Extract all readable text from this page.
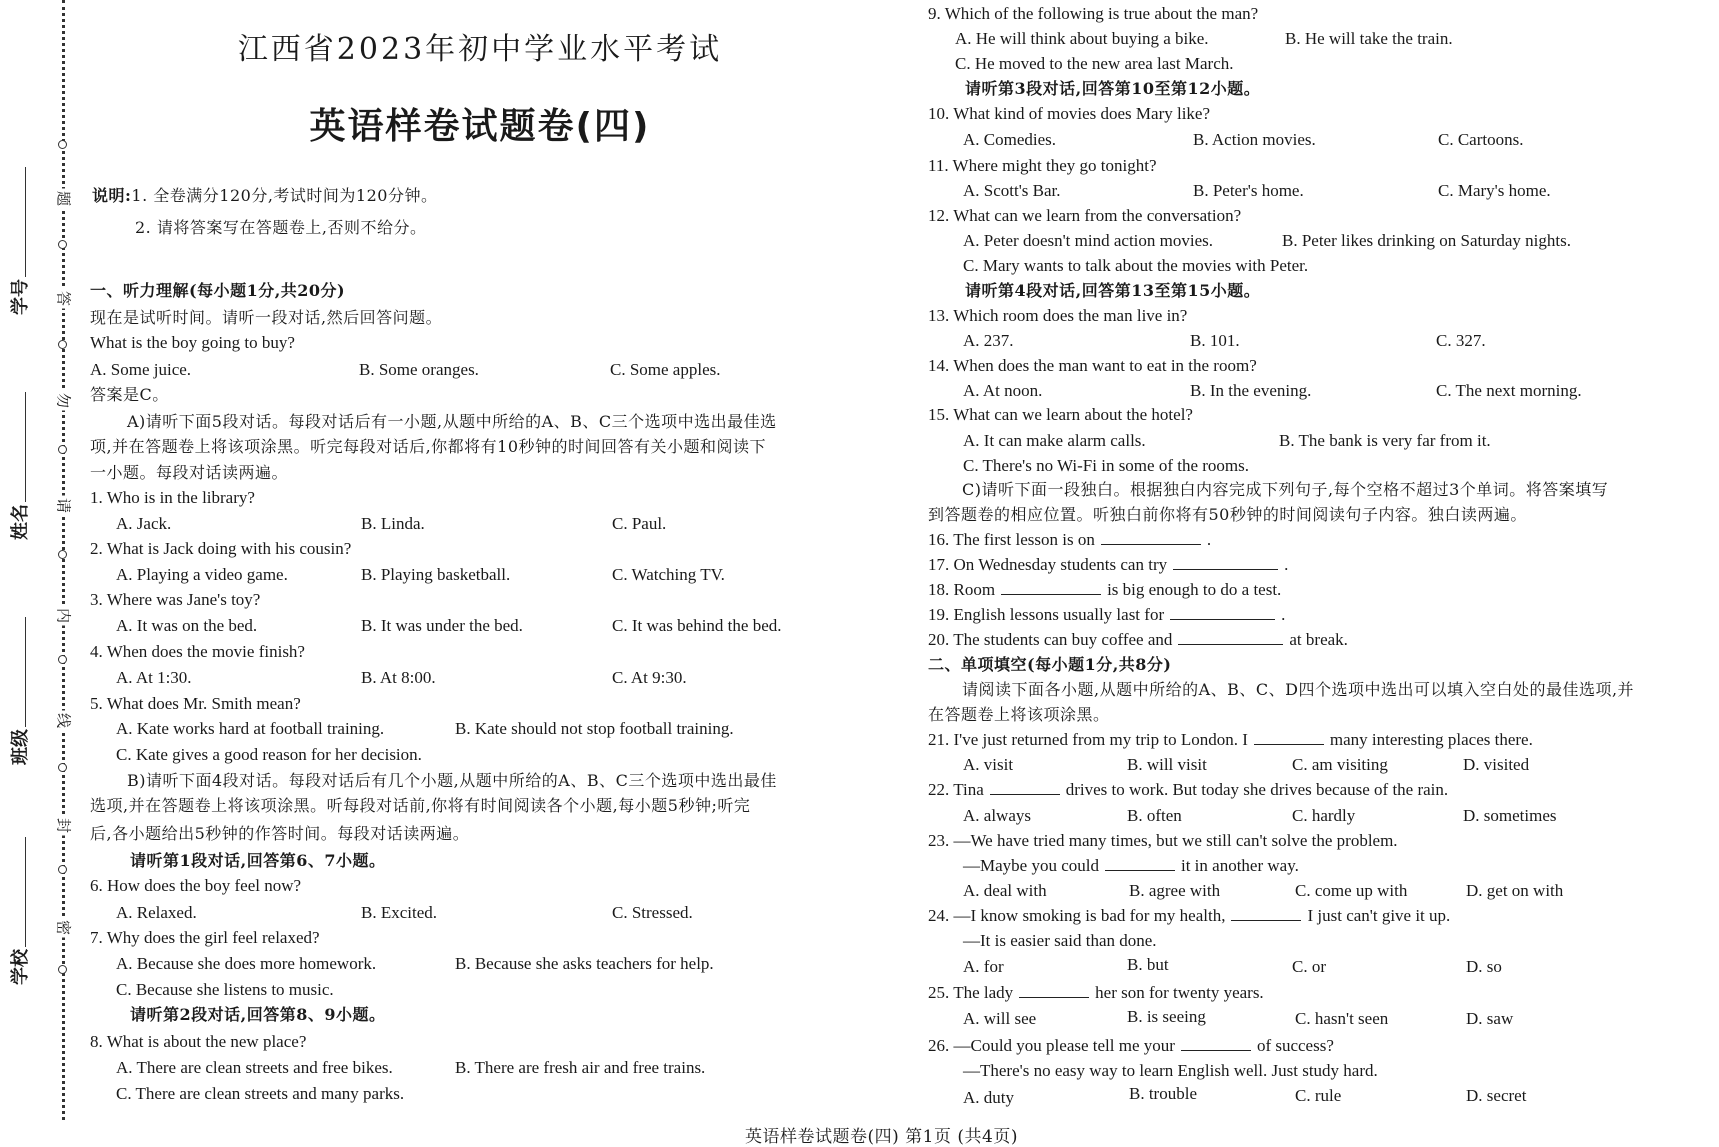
题
答
勿
请
内
线
封
密
学校
班级
姓名
学号
江西省2023年初中学业水平考试
英语样卷试题卷(四)
说明:1. 全卷满分120分,考试时间为120分钟。
2. 请将答案写在答题卷上,否则不给分。
一、听力理解(每小题1分,共20分)
现在是试听时间。请听一段对话,然后回答问题。
What is the boy going to buy?
A. Some juice.	B. Some oranges.	C. Some apples.
答案是C。
A)请听下面5段对话。每段对话后有一小题,从题中所给的A、B、C三个选项中选出最佳选
项,并在答题卷上将该项涂黑。听完每段对话后,你都将有10秒钟的时间回答有关小题和阅读下
一小题。每段对话读两遍。
1. Who is in the library?
A. Jack.	B. Linda.	C. Paul.
2. What is Jack doing with his cousin?
A. Playing a video game.	B. Playing basketball.	C. Watching TV.
3. Where was Jane's toy?
A. It was on the bed.	B. It was under the bed.	C. It was behind the bed.
4. When does the movie finish?
A. At 1:30.	B. At 8:00.	C. At 9:30.
5. What does Mr. Smith mean?
A. Kate works hard at football training.	B. Kate should not stop football training.
C. Kate gives a good reason for her decision.
B)请听下面4段对话。每段对话后有几个小题,从题中所给的A、B、C三个选项中选出最佳
选项,并在答题卷上将该项涂黑。听每段对话前,你将有时间阅读各个小题,每小题5秒钟;听完
后,各小题给出5秒钟的作答时间。每段对话读两遍。
请听第1段对话,回答第6、7小题。
6. How does the boy feel now?
A. Relaxed.	B. Excited.	C. Stressed.
7. Why does the girl feel relaxed?
A. Because she does more homework.	B. Because she asks teachers for help.
C. Because she listens to music.
请听第2段对话,回答第8、9小题。
8. What is about the new place?
A. There are clean streets and free bikes.	B. There are fresh air and free trains.
C. There are clean streets and many parks.
9. Which of the following is true about the man?
A. He will think about buying a bike.	B. He will take the train.
C. He moved to the new area last March.
请听第3段对话,回答第10至第12小题。
10. What kind of movies does Mary like?
A. Comedies.	B. Action movies.	C. Cartoons.
11. Where might they go tonight?
A. Scott's Bar.	B. Peter's home.	C. Mary's home.
12. What can we learn from the conversation?
A. Peter doesn't mind action movies.	B. Peter likes drinking on Saturday nights.
C. Mary wants to talk about the movies with Peter.
请听第4段对话,回答第13至第15小题。
13. Which room does the man live in?
A. 237.	B. 101.	C. 327.
14. When does the man want to eat in the room?
A. At noon.	B. In the evening.	C. The next morning.
15. What can we learn about the hotel?
A. It can make alarm calls.	B. The bank is very far from it.
C. There's no Wi-Fi in some of the rooms.
C)请听下面一段独白。根据独白内容完成下列句子,每个空格不超过3个单词。将答案填写
到答题卷的相应位置。听独白前你将有50秒钟的时间阅读句子内容。独白读两遍。
16. The first lesson is on	.
17. On Wednesday students can try	.
18. Room	is big enough to do a test.
19. English lessons usually last for	.
20. The students can buy coffee and	at break.
二、单项填空(每小题1分,共8分)
请阅读下面各小题,从题中所给的A、B、C、D四个选项中选出可以填入空白处的最佳选项,并
在答题卷上将该项涂黑。
21. I've just returned from my trip to London. I	many interesting places there.
A. visit	B. will visit	C. am visiting	D. visited
22. Tina	drives to work. But today she drives because of the rain.
A. always	B. often	C. hardly	D. sometimes
23. —We have tried many times, but we still can't solve the problem.
—Maybe you could	it in another way.
A. deal with	B. agree with	C. come up with	D. get on with
24. —I know smoking is bad for my health,	I just can't give it up.
—It is easier said than done.
A. for	B. but	C. or	D. so
25. The lady	her son for twenty years.
A. will see	B. is seeing	C. hasn't seen	D. saw
26. —Could you please tell me your	of success?
—There's no easy way to learn English well. Just study hard.
A. duty	B. trouble	C. rule	D. secret
英语样卷试题卷(四) 第1页 (共4页)
